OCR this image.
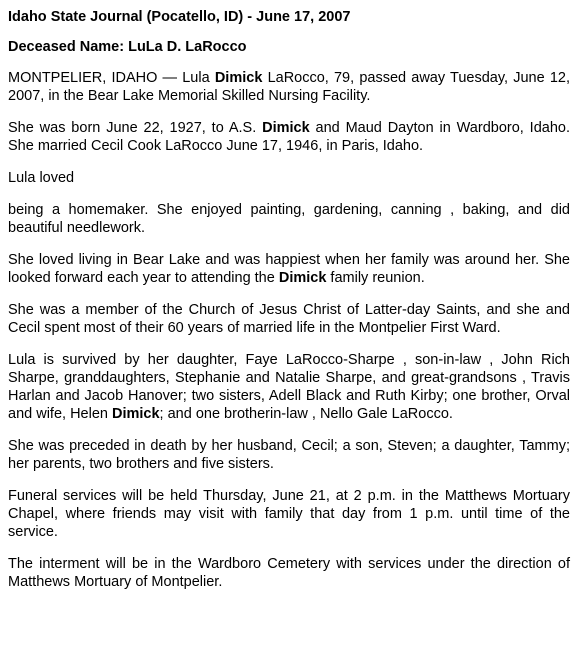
Idaho State Journal (Pocatello, ID) - June 17, 2007

Deceased Name: LuLa D. LaRocco

MONTPELIER, IDAHO — Lula Dimick LaRocco, 79, passed away Tuesday, June 12, 2007, in the Bear Lake Memorial Skilled Nursing Facility.

She was born June 22, 1927, to A.S. Dimick and Maud Dayton in Wardboro, Idaho. She married Cecil Cook LaRocco June 17, 1946, in Paris, Idaho.

Lula loved

being a homemaker. She enjoyed painting, gardening, canning , baking, and did beautiful needlework.

She loved living in Bear Lake and was happiest when her family was around her. She looked forward each year to attending the Dimick family reunion.

She was a member of the Church of Jesus Christ of Latter-day Saints, and she and Cecil spent most of their 60 years of married life in the Montpelier First Ward.

Lula is survived by her daughter, Faye LaRocco-Sharpe , son-in-law , John Rich Sharpe, granddaughters, Stephanie and Natalie Sharpe, and great-grandsons , Travis Harlan and Jacob Hanover; two sisters, Adell Black and Ruth Kirby; one brother, Orval and wife, Helen Dimick; and one brotherin-law , Nello Gale LaRocco.

She was preceded in death by her husband, Cecil; a son, Steven; a daughter, Tammy; her parents, two brothers and five sisters.

Funeral services will be held Thursday, June 21, at 2 p.m. in the Matthews Mortuary Chapel, where friends may visit with family that day from 1 p.m. until time of the service.

The interment will be in the Wardboro Cemetery with services under the direction of Matthews Mortuary of Montpelier.
